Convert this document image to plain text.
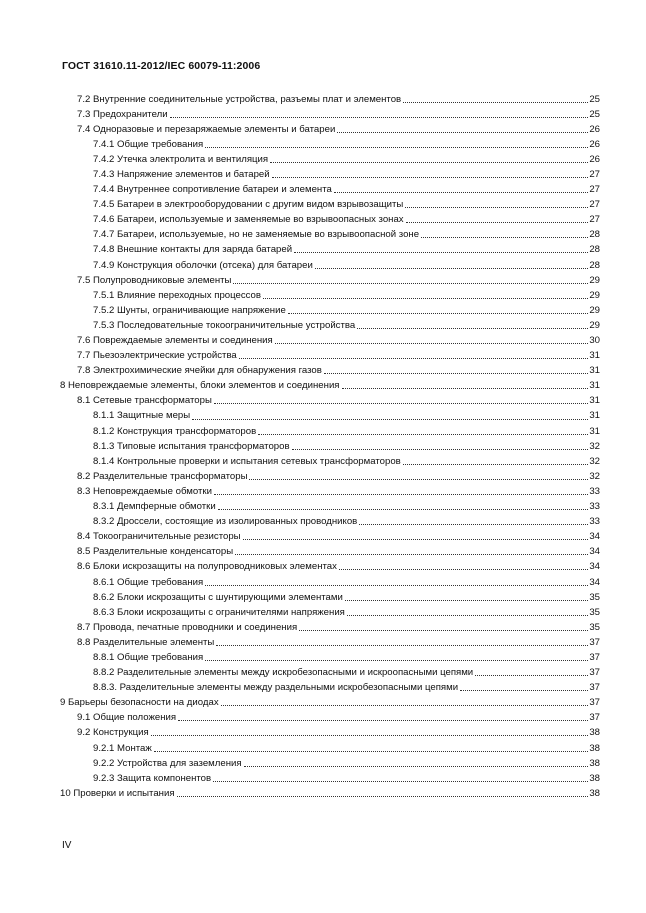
ГОСТ 31610.11-2012/IEC 60079-11:2006
7.2 Внутренние соединительные устройства, разъемы плат и элементов	25
7.3 Предохранители	25
7.4 Одноразовые и перезаряжаемые элементы и батареи	26
7.4.1 Общие требования	26
7.4.2 Утечка электролита и вентиляция	26
7.4.3 Напряжение элементов и батарей	27
7.4.4 Внутреннее сопротивление батареи и элемента	27
7.4.5 Батареи в электрооборудовании с другим видом взрывозащиты	27
7.4.6 Батареи, используемые и заменяемые во взрывоопасных зонах	27
7.4.7 Батареи, используемые, но не заменяемые во взрывоопасной зоне	28
7.4.8 Внешние контакты для заряда батарей	28
7.4.9 Конструкция оболочки (отсека) для батареи	28
7.5 Полупроводниковые элементы	29
7.5.1 Влияние переходных процессов	29
7.5.2 Шунты, ограничивающие напряжение	29
7.5.3 Последовательные токоограничительные устройства	29
7.6 Повреждаемые элементы и соединения	30
7.7 Пьезоэлектрические устройства	31
7.8 Электрохимические ячейки для обнаружения газов	31
8 Неповреждаемые элементы, блоки элементов и соединения	31
8.1 Сетевые трансформаторы	31
8.1.1 Защитные меры	31
8.1.2 Конструкция трансформаторов	31
8.1.3 Типовые испытания трансформаторов	32
8.1.4 Контрольные проверки и испытания сетевых трансформаторов	32
8.2 Разделительные трансформаторы	32
8.3 Неповреждаемые обмотки	33
8.3.1 Демпферные обмотки	33
8.3.2 Дроссели, состоящие из изолированных проводников	33
8.4 Токоограничительные резисторы	34
8.5 Разделительные конденсаторы	34
8.6 Блоки искрозащиты на полупроводниковых элементах	34
8.6.1 Общие требования	34
8.6.2 Блоки искрозащиты с шунтирующими элементами	35
8.6.3 Блоки искрозащиты с ограничителями напряжения	35
8.7 Провода, печатные проводники и соединения	35
8.8 Разделительные элементы	37
8.8.1 Общие требования	37
8.8.2 Разделительные элементы между искробезопасными и искроопасными цепями	37
8.8.3. Разделительные элементы между раздельными искробезопасными цепями	37
9 Барьеры безопасности на диодах	37
9.1 Общие положения	37
9.2 Конструкция	38
9.2.1 Монтаж	38
9.2.2 Устройства для заземления	38
9.2.3 Защита компонентов	38
10 Проверки и испытания	38
IV
